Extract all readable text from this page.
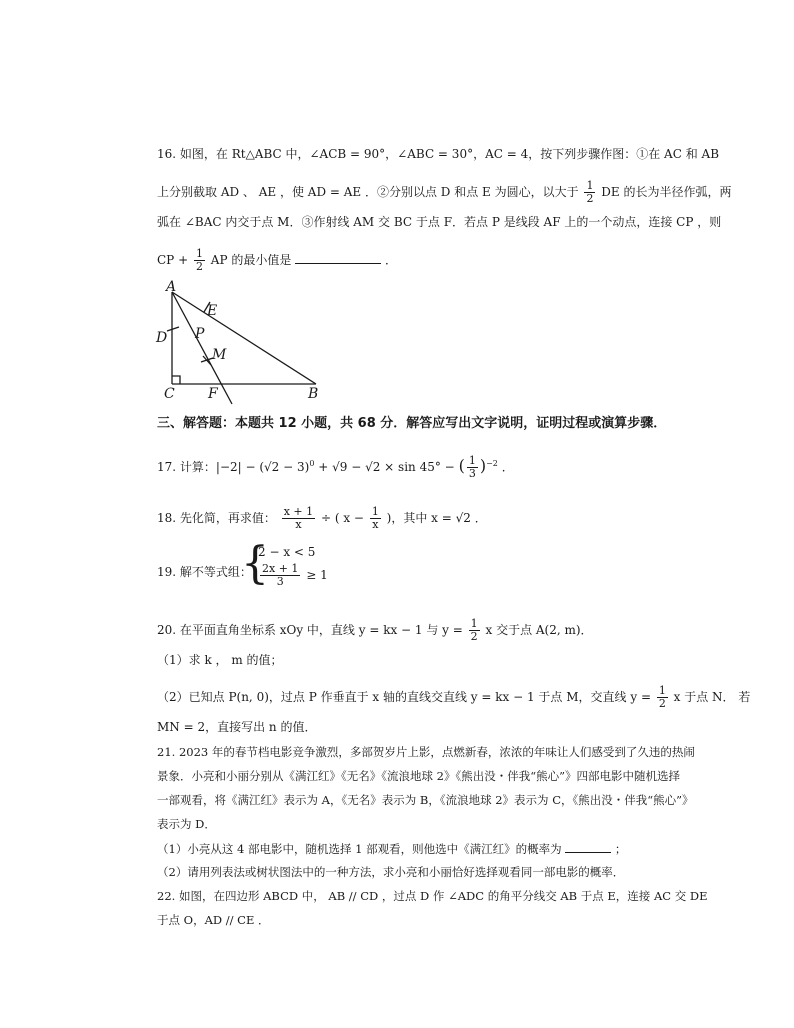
16. 如图，在 Rt△ABC 中，∠ACB = 90°，∠ABC = 30°，AC = 4，按下列步骤作图：①在 AC 和 AB
上分别截取 AD 、 AE ，使 AD = AE ．②分别以点 D 和点 E 为圆心，以大于 $\frac{1}{2}$ DE 的长为半径作弧，两
弧在 ∠BAC 内交于点 M．③作射线 AM 交 BC 于点 F．若点 P 是线段 AF 上的一个动点，连接 CP ，则
CP + $\frac{1}{2}$ AP 的最小值是	．
A
E
D P
M
C F	B
三、解答题：本题共 12 小题，共 68 分．解答应写出文字说明，证明过程或演算步骤．
17. 计算：$|-2| - (√2 - 3)^0 + √9 - √2 \times \sin 45^\circ$ − ( $\frac{1}{3} )^{-2}$ ．
18. 先化简，再求值： $\frac{x + 1}{x}$ ÷ ( $x - \frac{1}{x}$ )，其中 x = √2 ．
19. 解不等式组：
{
2 − x < 5
$\frac{2x + 1}{3} \ge 1$
20. 在平面直角坐标系 xOy 中，直线 y = kx − 1 与 $y = \frac{1}{2}$ x 交于点 A(2, m)．
（1）求 k ， m 的值；
（2）已知点 P(n, 0)，过点 P 作垂直于 x 轴的直线交直线 y = kx − 1 于点 M，交直线 $y = \frac{1}{2}$ x 于点 N． 若
MN = 2，直接写出 n 的值．
21. 2023 年的春节档电影竞争激烈，多部贺岁片上影，点燃新春，浓浓的年味让人们感受到了久违的热闹
景象．小亮和小丽分别从《满江红》《无名》《流浪地球 2》《熊出没・伴我“熊心”》四部电影中随机选择
一部观看，将《满江红》表示为 A，《无名》表示为 B，《流浪地球 2》表示为 C，《熊出没・伴我“熊心”》
表示为 D．
（1）小亮从这 4 部电影中，随机选择 1 部观看，则他选中《满江红》的概率为	；
（2）请用列表法或树状图法中的一种方法，求小亮和小丽恰好选择观看同一部电影的概率．
22. 如图，在四边形 ABCD 中， AB // CD ，过点 D 作 ∠ADC 的角平分线交 AB 于点 E，连接 AC 交 DE
于点 O，AD // CE ．
